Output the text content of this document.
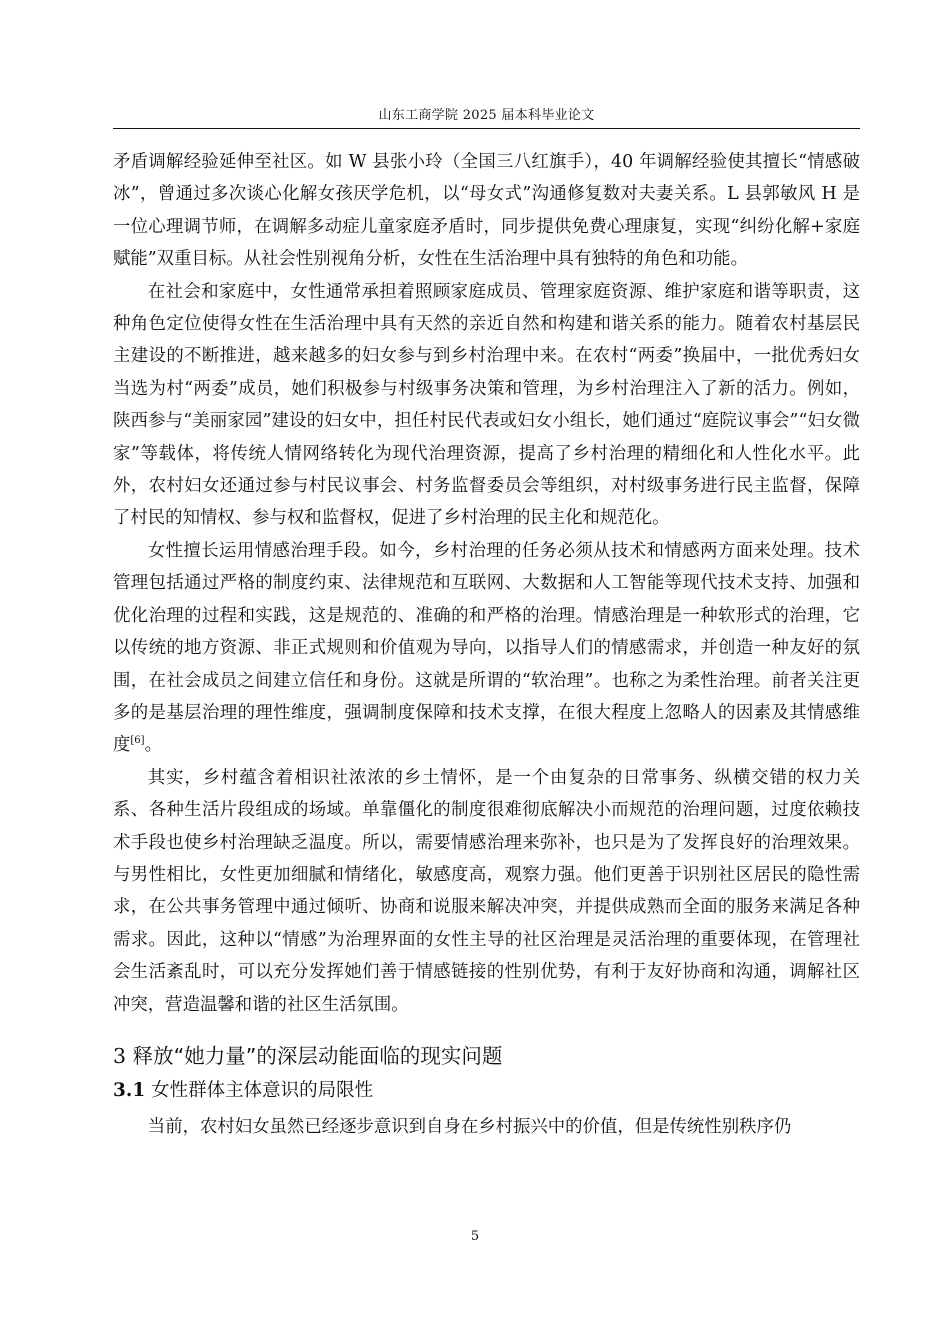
山东工商学院 2025 届本科毕业论文

矛盾调解经验延伸至社区。如 W 县张小玲（全国三八红旗手），40 年调解经验使其擅长“情感破冰”，曾通过多次谈心化解女孩厌学危机，以“母女式”沟通修复数对夫妻关系。L 县郭敏风 H 是一位心理调节师，在调解多动症儿童家庭矛盾时，同步提供免费心理康复，实现“纠纷化解+家庭赋能”双重目标。从社会性别视角分析，女性在生活治理中具有独特的角色和功能。

在社会和家庭中，女性通常承担着照顾家庭成员、管理家庭资源、维护家庭和谐等职责，这种角色定位使得女性在生活治理中具有天然的亲近自然和构建和谐关系的能力。随着农村基层民主建设的不断推进，越来越多的妇女参与到乡村治理中来。在农村“两委”换届中，一批优秀妇女当选为村“两委”成员，她们积极参与村级事务决策和管理，为乡村治理注入了新的活力。例如，陕西参与“美丽家园”建设的妇女中，担任村民代表或妇女小组长，她们通过“庭院议事会”“妇女微家”等载体，将传统人情网络转化为现代治理资源，提高了乡村治理的精细化和人性化水平。此外，农村妇女还通过参与村民议事会、村务监督委员会等组织，对村级事务进行民主监督，保障了村民的知情权、参与权和监督权，促进了乡村治理的民主化和规范化。

女性擅长运用情感治理手段。如今，乡村治理的任务必须从技术和情感两方面来处理。技术管理包括通过严格的制度约束、法律规范和互联网、大数据和人工智能等现代技术支持、加强和优化治理的过程和实践，这是规范的、准确的和严格的治理。情感治理是一种软形式的治理，它以传统的地方资源、非正式规则和价值观为导向，以指导人们的情感需求，并创造一种友好的氛围，在社会成员之间建立信任和身份。这就是所谓的“软治理”。也称之为柔性治理。前者关注更多的是基层治理的理性维度，强调制度保障和技术支撑，在很大程度上忽略人的因素及其情感维度[6]。

其实，乡村蕴含着相识社浓浓的乡土情怀，是一个由复杂的日常事务、纵横交错的权力关系、各种生活片段组成的场域。单靠僵化的制度很难彻底解决小而规范的治理问题，过度依赖技术手段也使乡村治理缺乏温度。所以，需要情感治理来弥补，也只是为了发挥良好的治理效果。与男性相比，女性更加细腻和情绪化，敏感度高，观察力强。他们更善于识别社区居民的隐性需求，在公共事务管理中通过倾听、协商和说服来解决冲突，并提供成熟而全面的服务来满足各种需求。因此，这种以“情感”为治理界面的女性主导的社区治理是灵活治理的重要体现，在管理社会生活紊乱时，可以充分发挥她们善于情感链接的性别优势，有利于友好协商和沟通，调解社区冲突，营造温馨和谐的社区生活氛围。

3 释放“她力量”的深层动能面临的现实问题
3.1 女性群体主体意识的局限性

当前，农村妇女虽然已经逐步意识到自身在乡村振兴中的价值，但是传统性别秩序仍

5
